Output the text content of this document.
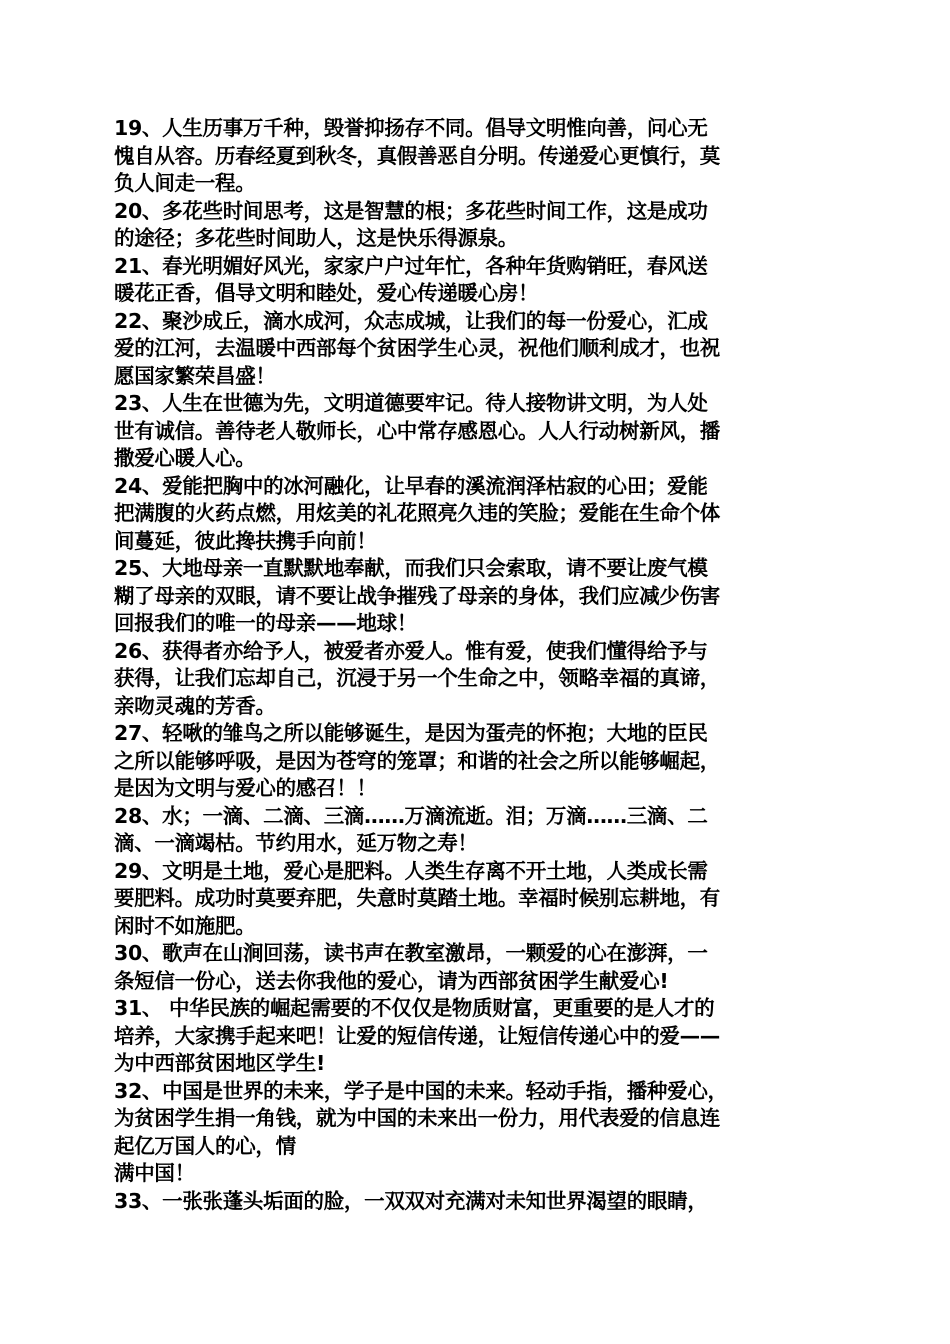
19、人生历事万千种，毁誉抑扬存不同。倡导文明惟向善，问心无
愧自从容。历春经夏到秋冬，真假善恶自分明。传递爱心更慎行，莫
负人间走一程。
20、多花些时间思考，这是智慧的根；多花些时间工作，这是成功
的途径；多花些时间助人，这是快乐得源泉。
21、春光明媚好风光，家家户户过年忙，各种年货购销旺，春风送
暖花正香，倡导文明和睦处，爱心传递暖心房！
22、聚沙成丘，滴水成河，众志成城，让我们的每一份爱心，汇成
爱的江河，去温暖中西部每个贫困学生心灵，祝他们顺利成才，也祝
愿国家繁荣昌盛！
23、人生在世德为先，文明道德要牢记。待人接物讲文明，为人处
世有诚信。善待老人敬师长，心中常存感恩心。人人行动树新风，播
撒爱心暖人心。
24、爱能把胸中的冰河融化，让早春的溪流润泽枯寂的心田；爱能
把满腹的火药点燃，用炫美的礼花照亮久违的笑脸；爱能在生命个体
间蔓延，彼此搀扶携手向前！
25、大地母亲一直默默地奉献，而我们只会索取，请不要让废气模
糊了母亲的双眼，请不要让战争摧残了母亲的身体，我们应减少伤害
回报我们的唯一的母亲——地球！
26、获得者亦给予人，被爱者亦爱人。惟有爱，使我们懂得给予与
获得，让我们忘却自己，沉浸于另一个生命之中，领略幸福的真谛，
亲吻灵魂的芳香。
27、轻啾的雏鸟之所以能够诞生，是因为蛋壳的怀抱；大地的臣民
之所以能够呼吸，是因为苍穹的笼罩；和谐的社会之所以能够崛起，
是因为文明与爱心的感召！！
28、水；一滴、二滴、三滴……万滴流逝。泪；万滴……三滴、二
滴、一滴竭枯。节约用水，延万物之寿！
29、文明是土地，爱心是肥料。人类生存离不开土地，人类成长需
要肥料。成功时莫要弃肥，失意时莫踏土地。幸福时候别忘耕地，有
闲时不如施肥。
30、歌声在山涧回荡，读书声在教室激昂，一颗爱的心在澎湃，一
条短信一份心，送去你我他的爱心，请为西部贫困学生献爱心!
31、 中华民族的崛起需要的不仅仅是物质财富，更重要的是人才的
培养，大家携手起来吧！让爱的短信传递，让短信传递心中的爱——
为中西部贫困地区学生!
32、中国是世界的未来，学子是中国的未来。轻动手指，播种爱心，
为贫困学生捐一角钱，就为中国的未来出一份力，用代表爱的信息连
起亿万国人的心，情
满中国！
33、一张张蓬头垢面的脸，一双双对充满对未知世界渴望的眼睛，
